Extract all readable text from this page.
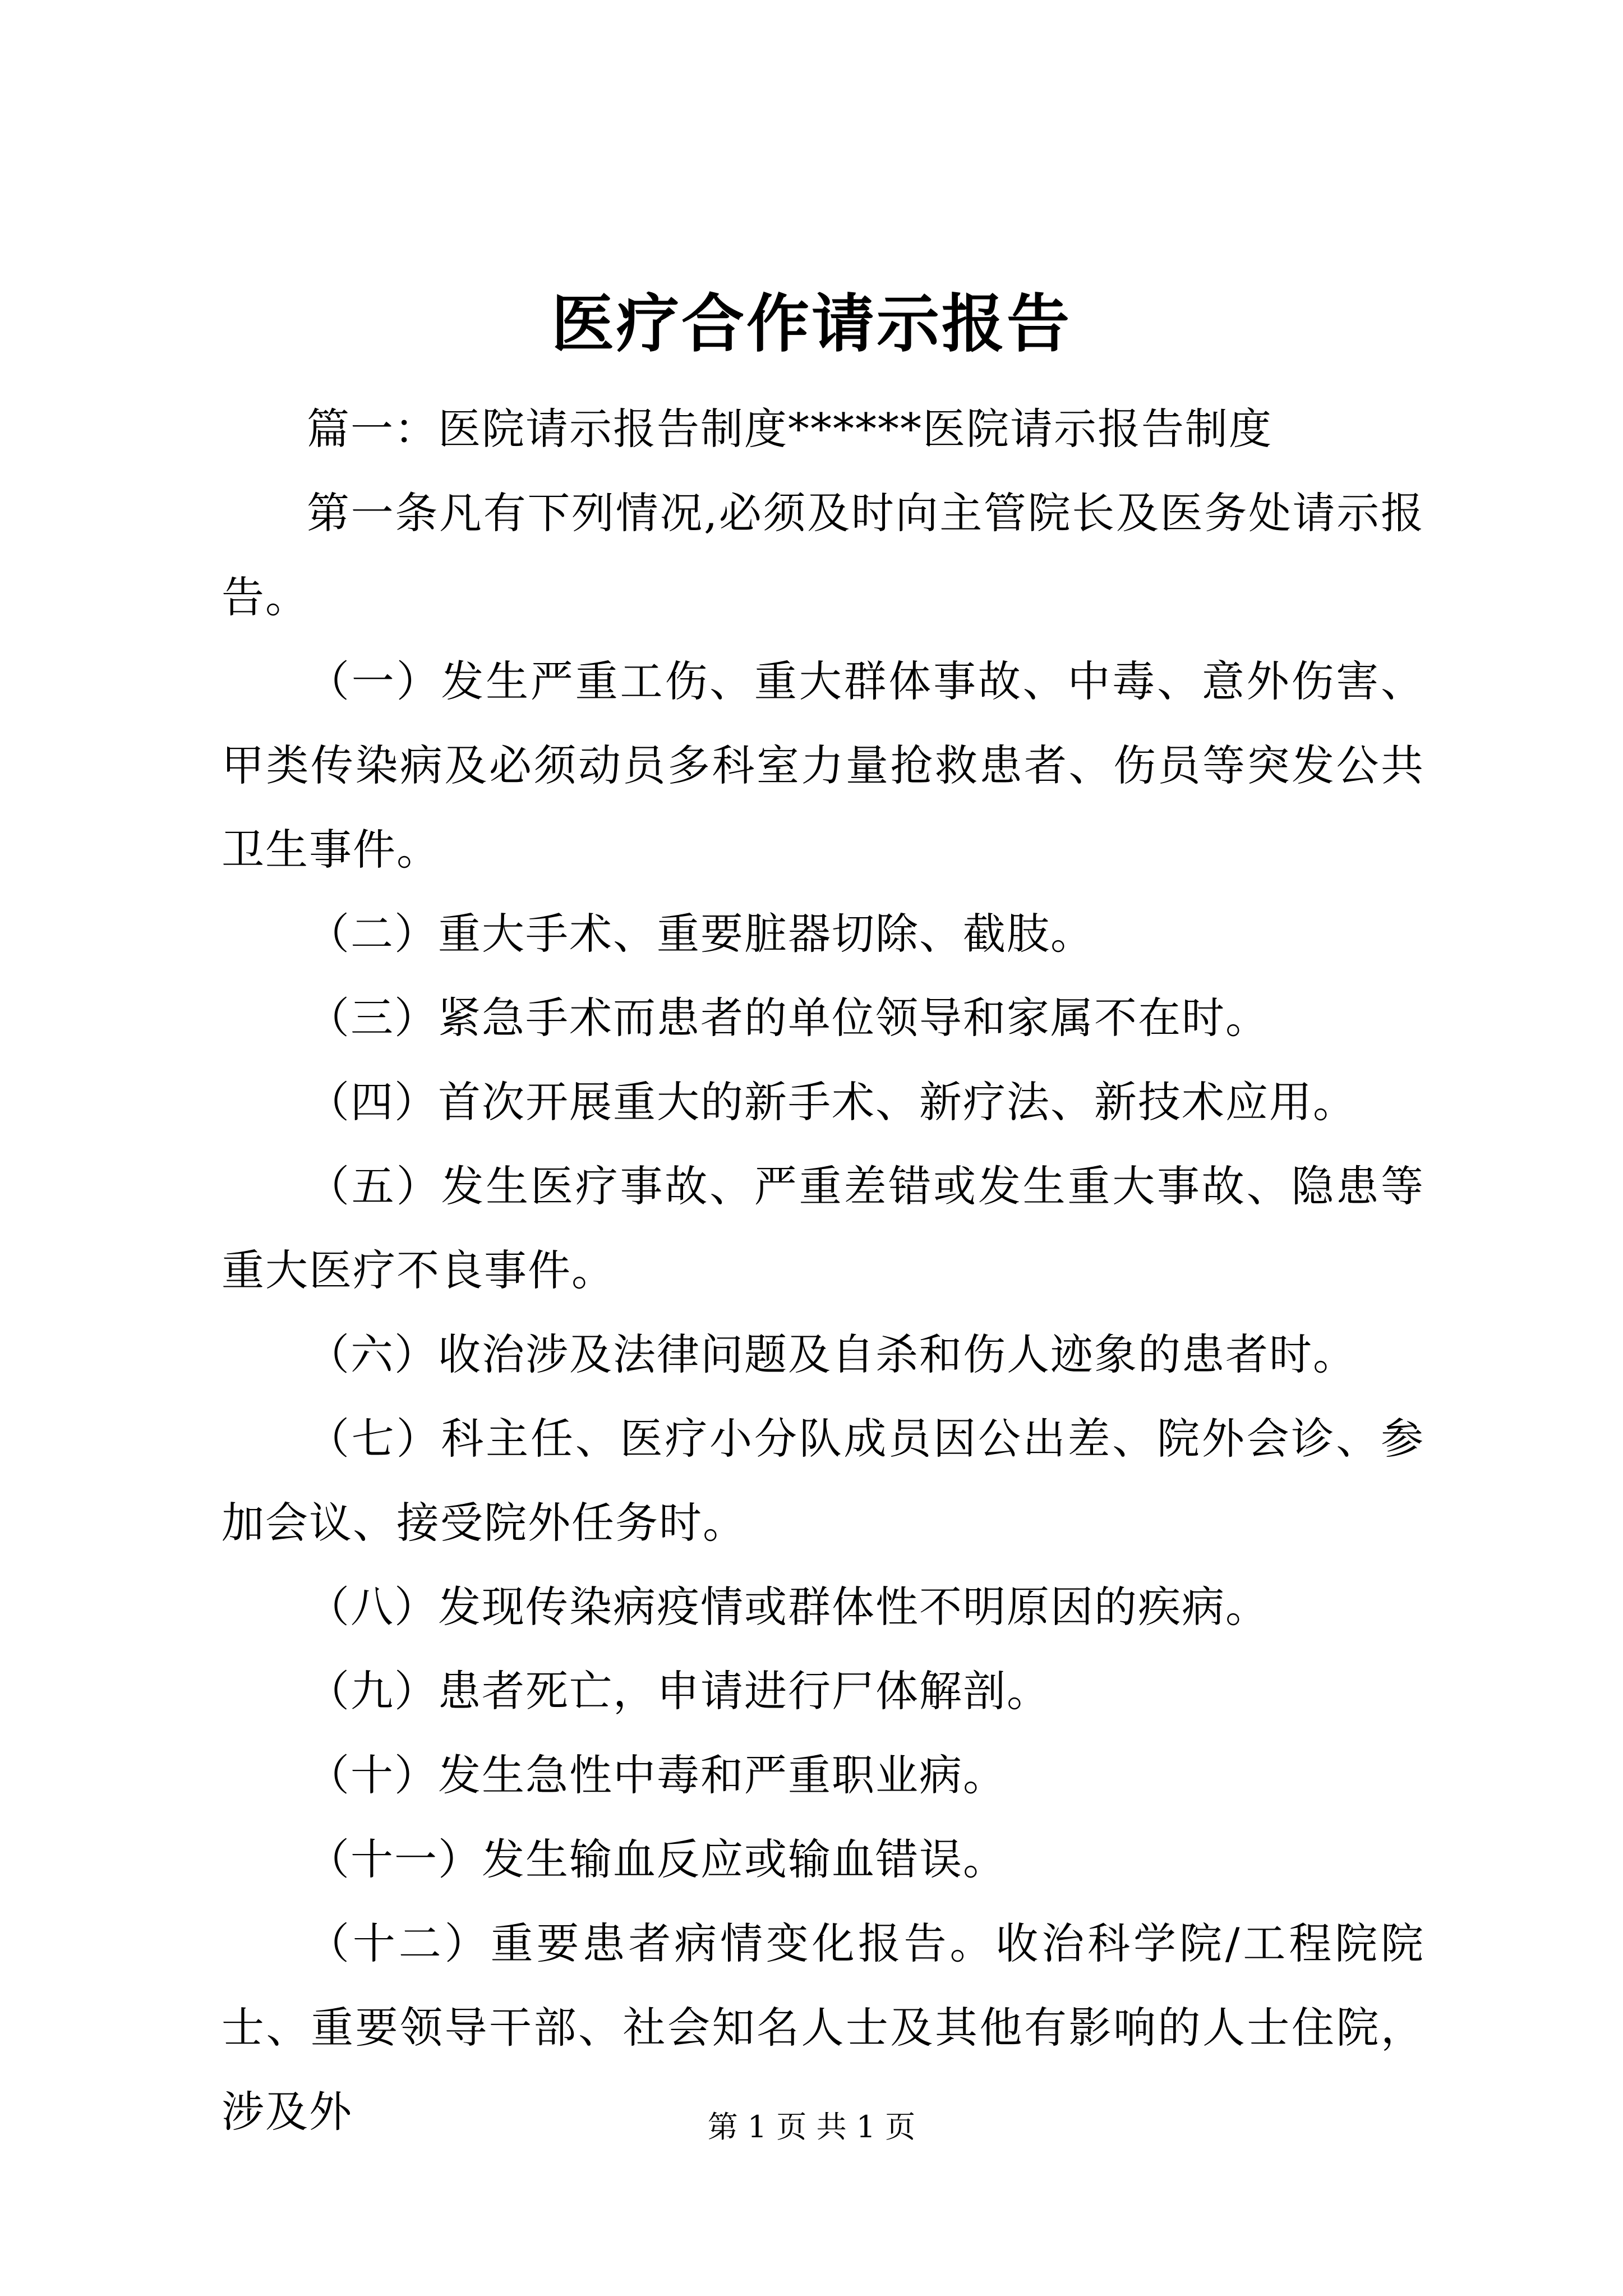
医疗合作请示报告

篇一：医院请示报告制度******医院请示报告制度

第一条凡有下列情况,必须及时向主管院长及医务处请示报告。

（一）发生严重工伤、重大群体事故、中毒、意外伤害、甲类传染病及必须动员多科室力量抢救患者、伤员等突发公共卫生事件。

（二）重大手术、重要脏器切除、截肢。

（三）紧急手术而患者的单位领导和家属不在时。

（四）首次开展重大的新手术、新疗法、新技术应用。

（五）发生医疗事故、严重差错或发生重大事故、隐患等重大医疗不良事件。

（六）收治涉及法律问题及自杀和伤人迹象的患者时。

（七）科主任、医疗小分队成员因公出差、院外会诊、参加会议、接受院外任务时。

（八）发现传染病疫情或群体性不明原因的疾病。

（九）患者死亡，申请进行尸体解剖。

（十）发生急性中毒和严重职业病。

（十一）发生输血反应或输血错误。

（十二）重要患者病情变化报告。收治科学院/工程院院士、重要领导干部、社会知名人士及其他有影响的人士住院，涉及外	第 1 页 共 1 页
